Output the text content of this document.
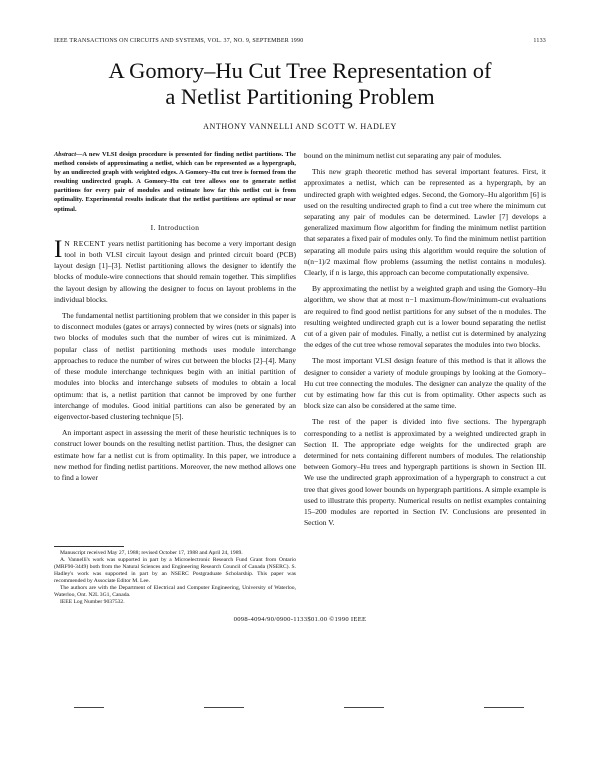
IEEE TRANSACTIONS ON CIRCUITS AND SYSTEMS, VOL. 37, NO. 9, SEPTEMBER 1990	1133
A Gomory–Hu Cut Tree Representation of
a Netlist Partitioning Problem
ANTHONY VANNELLI AND SCOTT W. HADLEY

Abstract—A new VLSI design procedure is presented for finding netlist partitions. The method consists of approximating a netlist, which can be represented as a hypergraph, by an undirected graph with weighted edges. A Gomory–Hu cut tree is formed from the resulting undirected graph. A Gomory–Hu cut tree allows one to generate netlist partitions for every pair of modules and estimate how far this netlist cut is from optimality. Experimental results indicate that the netlist partitions are optimal or near optimal.

I. Introduction

I N RECENT years netlist partitioning has become a very important design tool in both VLSI circuit layout design and printed circuit board (PCB) layout design [1]–[3]. Netlist partitioning allows the designer to identify the blocks of module-wire connections that should remain together. This simplifies the layout design by allowing the designer to focus on layout problems in the individual blocks.

The fundamental netlist partitioning problem that we consider in this paper is to disconnect modules (gates or arrays) connected by wires (nets or signals) into two blocks of modules such that the number of wires cut is minimized. A popular class of netlist partitioning methods uses module interchange approaches to reduce the number of wires cut between the blocks [2]–[4]. Many of these module interchange techniques begin with an initial partition of modules into blocks and interchange subsets of modules to obtain a local optimum: that is, a netlist partition that cannot be improved by one further interchange of modules. Good initial partitions can also be generated by an eigenvector-based clustering technique [5].

An important aspect in assessing the merit of these heuristic techniques is to construct lower bounds on the resulting netlist partition. Thus, the designer can estimate how far a netlist cut is from optimality. In this paper, we introduce a new method for finding netlist partitions. Moreover, the new method allows one to find a lower

bound on the minimum netlist cut separating any pair of modules.

This new graph theoretic method has several important features. First, it approximates a netlist, which can be represented as a hypergraph, by an undirected graph with weighted edges. Second, the Gomory–Hu algorithm [6] is used on the resulting undirected graph to find a cut tree where the minimum cut separating any pair of modules can be determined. Lawler [7] develops a generalized maximum flow algorithm for finding the minimum netlist partition that separates a fixed pair of modules only. To find the minimum netlist partition separating all module pairs using this algorithm would require the solution of n(n−1)/2 maximal flow problems (assuming the netlist contains n modules). Clearly, if n is large, this approach can become computationally expensive.

By approximating the netlist by a weighted graph and using the Gomory–Hu algorithm, we show that at most n−1 maximum-flow/minimum-cut evaluations are required to find good netlist partitions for any subset of the n modules. The resulting weighted undirected graph cut is a lower bound separating the netlist cut of a given pair of modules. Finally, a netlist cut is determined by analyzing the edges of the cut tree whose removal separates the modules into two blocks.

The most important VLSI design feature of this method is that it allows the designer to consider a variety of module groupings by looking at the Gomory–Hu cut tree connecting the modules. The designer can analyze the quality of the cut by estimating how far this cut is from optimality. Other aspects such as block size can also be considered at the same time.

The rest of the paper is divided into five sections. The hypergraph corresponding to a netlist is approximated by a weighted undirected graph in Section II. The appropriate edge weights for the undirected graph are determined for nets containing different numbers of modules. The relationship between Gomory–Hu trees and hypergraph partitions is shown in Section III. We use the undirected graph approximation of a hypergraph to construct a cut tree that gives good lower bounds on hypergraph partitions. A simple example is used to illustrate this property. Numerical results on netlist examples containing 15–200 modules are reported in Section IV. Conclusions are presented in Section V.

Manuscript received May 27, 1988; revised October 17, 1988 and April 24, 1989.

A. Vannelli's work was supported in part by a Microelectronic Research Fund Grant from Ontario (MRF90-3449) both from the Natural Sciences and Engineering Research Council of Canada (NSERC). S. Hadley's work was supported in part by an NSERC Postgraduate Scholarship. This paper was recommended by Associate Editor M. Lee.

The authors are with the Department of Electrical and Computer Engineering, University of Waterloo, Waterloo, Ont. N2L 3G1, Canada.

IEEE Log Number 9037532.

0098-4094/90/0900-1133$01.00 ©1990 IEEE
